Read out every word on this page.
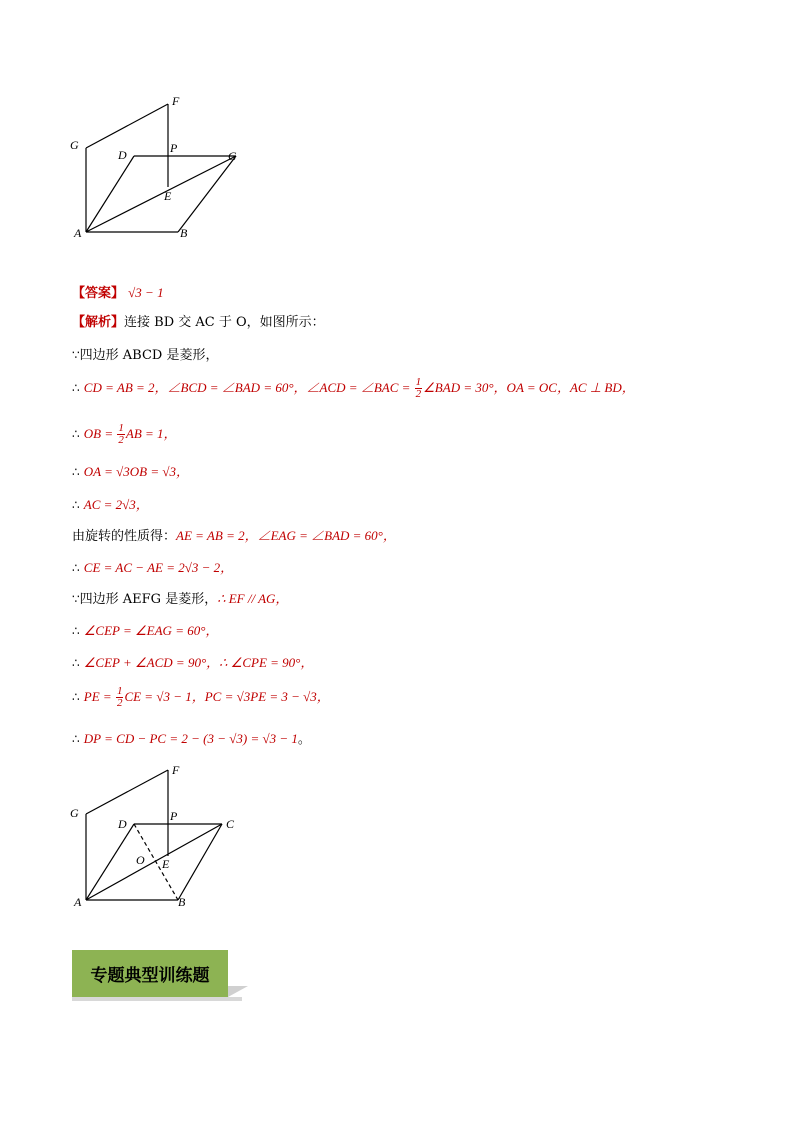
F
G
D	P
C
E
A	B
【答案】 √3 − 1
【解析】连接 BD 交 AC 于 O，如图所示：
∵四边形 ABCD 是菱形，
∴ CD = AB = 2，∠BCD = ∠BAD = 60°，∠ACD = ∠BAC = $\frac{1}{2}$ ∠BAD = 30°，OA = OC，AC ⊥ BD，
∴ OB = $\frac{1}{2}$ AB = 1，
∴ OA = √3OB = √3，
∴ AC = 2√3，
由旋转的性质得：AE = AB = 2，∠EAG = ∠BAD = 60°，
∴ CE = AC − AE = 2√3 − 2，
∵四边形 AEFG 是菱形，∴ EF // AG，
∴ ∠CEP = ∠EAG = 60°，
∴ ∠CEP + ∠ACD = 90°，∴ ∠CPE = 90°，
∴ PE = $\frac{1}{2}$ CE = √3 − 1，PC = √3PE = 3 − √3，
∴ DP = CD − PC = 2 − (3 − √3) = √3 − 1。
F
G
D
P
C
O E
A	B
专题典型训练题
